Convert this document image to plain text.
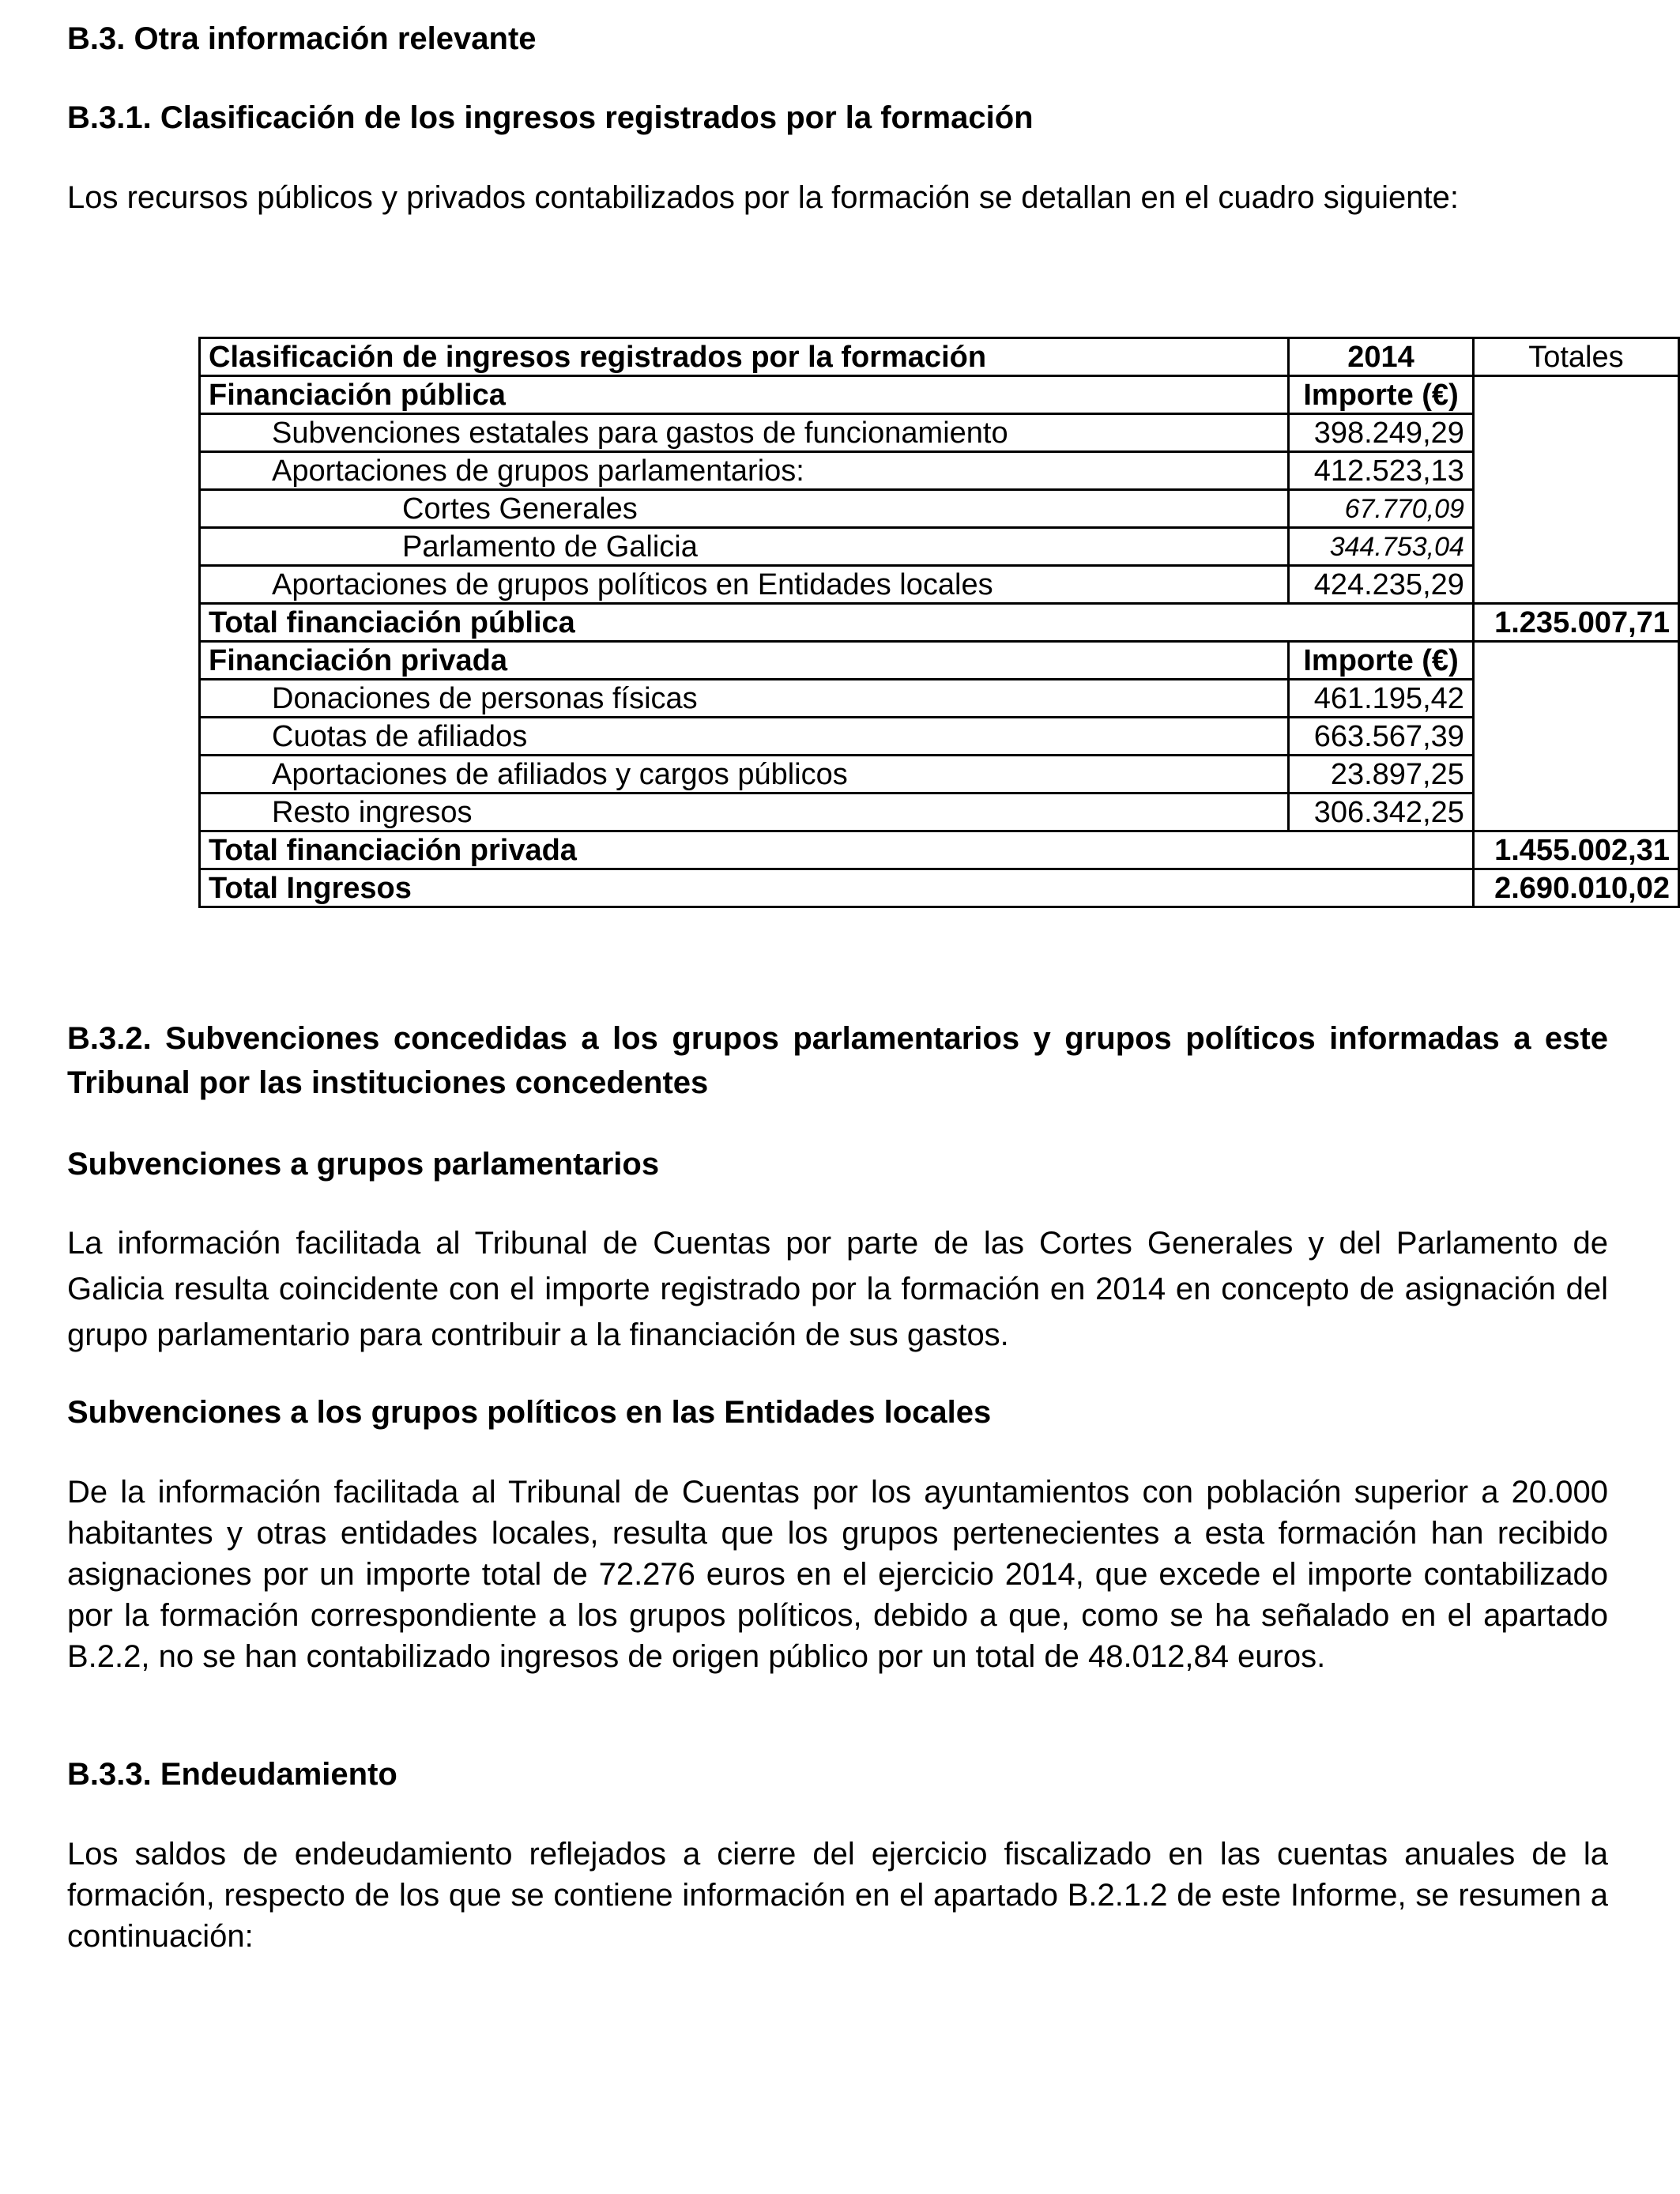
B.3. Otra información relevante
B.3.1. Clasificación de los ingresos registrados por la formación

Los recursos públicos y privados contabilizados por la formación se detallan en el cuadro siguiente:

Clasificación de ingresos registrados por la formación	2014	Totales
Financiación pública	Importe (€)	
Subvenciones estatales para gastos de funcionamiento	398.249,29	
Aportaciones de grupos parlamentarios:	412.523,13	
Cortes Generales	67.770,09	
Parlamento de Galicia	344.753,04	
Aportaciones de grupos políticos en Entidades locales	424.235,29	
Total financiación pública		1.235.007,71
Financiación privada	Importe (€)	
Donaciones de personas físicas	461.195,42	
Cuotas de afiliados	663.567,39	
Aportaciones de afiliados y cargos públicos	23.897,25	
Resto ingresos	306.342,25	
Total financiación privada		1.455.002,31
Total Ingresos		2.690.010,02
B.3.2. Subvenciones concedidas a los grupos parlamentarios y grupos políticos informadas a este Tribunal por las instituciones concedentes
Subvenciones a grupos parlamentarios

La información facilitada al Tribunal de Cuentas por parte de las Cortes Generales y del Parlamento de Galicia resulta coincidente con el importe registrado por la formación en 2014 en concepto de asignación del grupo parlamentario para contribuir a la financiación de sus gastos.

Subvenciones a los grupos políticos en las Entidades locales

De la información facilitada al Tribunal de Cuentas por los ayuntamientos con población superior a 20.000 habitantes y otras entidades locales, resulta que los grupos pertenecientes a esta formación han recibido asignaciones por un importe total de 72.276 euros en el ejercicio 2014, que excede el importe contabilizado por la formación correspondiente a los grupos políticos, debido a que, como se ha señalado en el apartado B.2.2, no se han contabilizado ingresos de origen público por un total de 48.012,84 euros.

B.3.3. Endeudamiento

Los saldos de endeudamiento reflejados a cierre del ejercicio fiscalizado en las cuentas anuales de la formación, respecto de los que se contiene información en el apartado B.2.1.2 de este Informe, se resumen a continuación:
